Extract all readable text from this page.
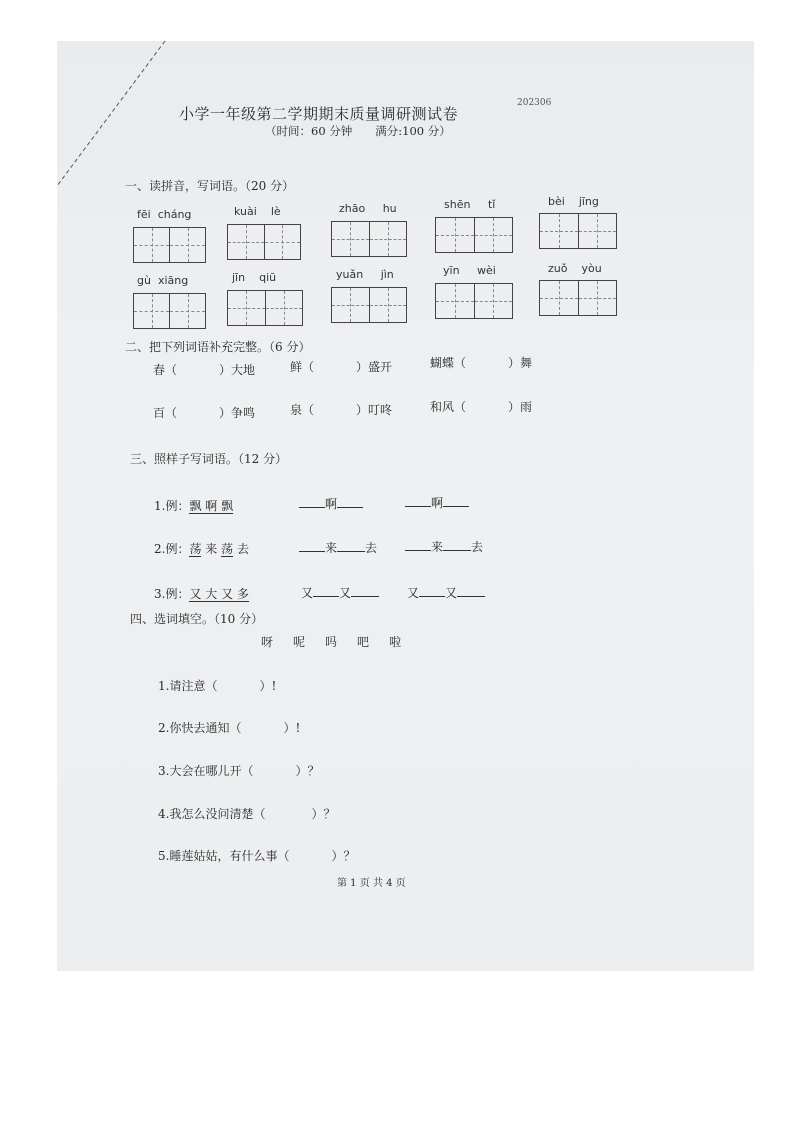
小学一年级第二学期期末质量调研测试卷
202306
（时间：60 分钟　　满分:100 分）
一、读拼音，写词语。（20 分）
fēi cháng	kuài lè	zhāo hu	shēn tǐ	bèi jīng
gù xiāng	jīn qiū	yuǎn jìn	yīn wèi	zuǒ yòu
二、把下列词语补充完整。（6 分）
春（	）大地	鲜（	）盛开	蝴蝶（	）舞
百（	）争鸣	泉（	）叮咚	和风（	）雨
三、照样子写词语。（12 分）
1.例：飘 啊 飘	啊	啊
2.例：荡 来 荡 去	来 去	来 去
3.例：又 大 又 多	又 又	又 又
四、选词填空。（10 分）
呀 呢 吗 吧 啦
1.请注意（	）!
2.你快去通知（	）!
3.大会在哪儿开（	）？
4.我怎么没问清楚（	）？
5.睡莲姑姑，有什么事（	）？
第 1 页 共 4 页
